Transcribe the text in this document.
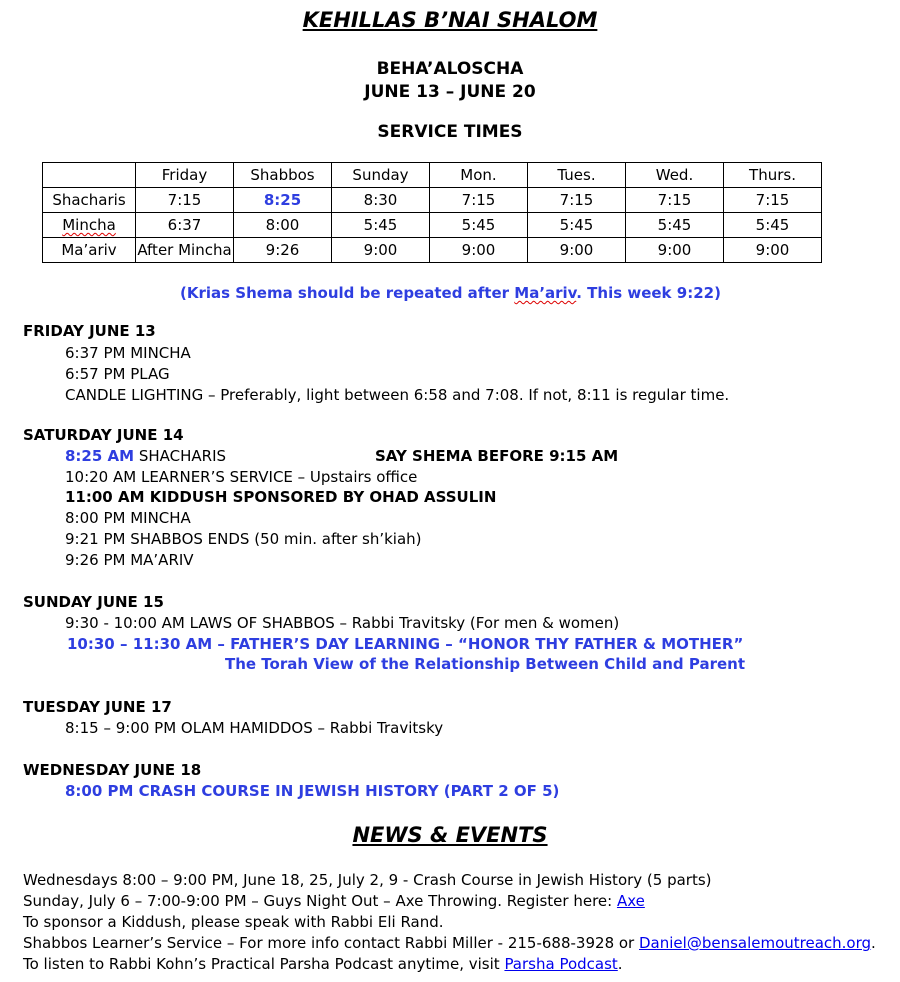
KEHILLAS B’NAI SHALOM
BEHA’ALOSCHA
JUNE 13 – JUNE 20
SERVICE TIMES
	Friday	Shabbos	Sunday	Mon.	Tues.	Wed.	Thurs.
Shacharis	7:15	8:25	8:30	7:15	7:15	7:15	7:15
Mincha	6:37	8:00	5:45	5:45	5:45	5:45	5:45
Ma’ariv	After Mincha	9:26	9:00	9:00	9:00	9:00	9:00
(Krias Shema should be repeated after Ma’ariv. This week 9:22)
FRIDAY JUNE 13
6:37 PM MINCHA
6:57 PM PLAG
CANDLE LIGHTING – Preferably, light between 6:58 and 7:08. If not, 8:11 is regular time.
SATURDAY JUNE 14
8:25 AM SHACHARIS	SAY SHEMA BEFORE 9:15 AM
10:20 AM LEARNER’S SERVICE – Upstairs office
11:00 AM KIDDUSH SPONSORED BY OHAD ASSULIN
8:00 PM MINCHA
9:21 PM SHABBOS ENDS (50 min. after sh’kiah)
9:26 PM MA’ARIV
SUNDAY JUNE 15
9:30 - 10:00 AM LAWS OF SHABBOS – Rabbi Travitsky (For men & women)
10:30 – 11:30 AM – FATHER’S DAY LEARNING – “HONOR THY FATHER & MOTHER”
The Torah View of the Relationship Between Child and Parent
TUESDAY JUNE 17
8:15 – 9:00 PM OLAM HAMIDDOS – Rabbi Travitsky
WEDNESDAY JUNE 18
8:00 PM CRASH COURSE IN JEWISH HISTORY (PART 2 OF 5)
NEWS & EVENTS
Wednesdays 8:00 – 9:00 PM, June 18, 25, July 2, 9 - Crash Course in Jewish History (5 parts)
Sunday, July 6 – 7:00-9:00 PM – Guys Night Out – Axe Throwing. Register here: Axe
To sponsor a Kiddush, please speak with Rabbi Eli Rand.
Shabbos Learner’s Service – For more info contact Rabbi Miller - 215-688-3928 or Daniel@bensalemoutreach.org.
To listen to Rabbi Kohn’s Practical Parsha Podcast anytime, visit Parsha Podcast.
